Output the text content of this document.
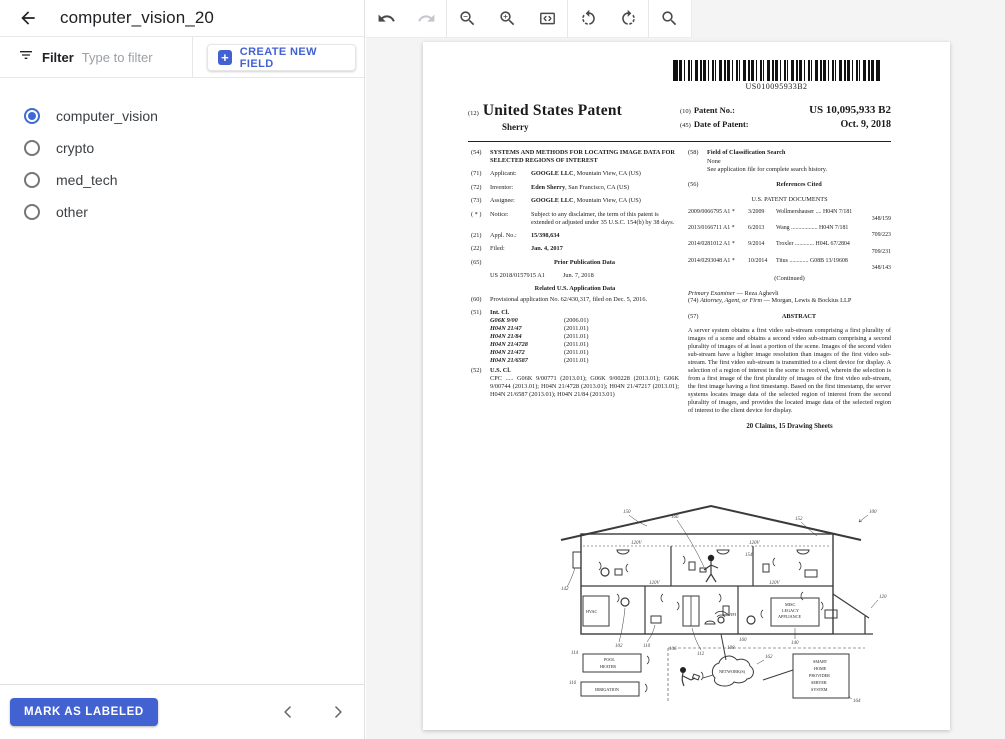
computer_vision_20
Filter
Type to filter	+ CREATE NEW FIELD
computer_vision
crypto
med_tech
other
MARK AS LABELED
US010095933B2
(12) United States Patent
Sherry
(10) Patent No.:	US 10,095,933 B2
(45) Date of Patent:	Oct. 9, 2018
(54)	SYSTEMS AND METHODS FOR LOCATING IMAGE DATA FOR SELECTED REGIONS OF INTEREST
(71)	Applicant:	GOOGLE LLC, Mountain View, CA (US)
(72)	Inventor:	Eden Sherry, San Francisco, CA (US)
(73)	Assignee:	GOOGLE LLC, Mountain View, CA (US)
( * )	Notice:	Subject to any disclaimer, the term of this patent is extended or adjusted under 35 U.S.C. 154(b) by 38 days.
(21)	Appl. No.:	15/398,634
(22)	Filed:	Jan. 4, 2017
(65)	Prior Publication Data
US 2018/0157915 A1	Jun. 7, 2018
Related U.S. Application Data
(60)	Provisional application No. 62/430,317, filed on Dec. 5, 2016.
(51)	Int. Cl.
G06K 9/00	(2006.01)
H04N 21/47	(2011.01)
H04N 21/84	(2011.01)
H04N 21/4728	(2011.01)
H04N 21/472	(2011.01)
H04N 21/6587	(2011.01)
(52)	U.S. Cl.
CPC ..... G06K 9/00771 (2013.01); G06K 9/00228 (2013.01); G06K 9/00744 (2013.01); H04N 21/4728 (2013.01); H04N 21/47217 (2013.01); H04N 21/6587 (2013.01); H04N 21/84 (2013.01)
(58)	Field of Classification Search
None
See application file for complete search history.
(56)	References Cited
U.S. PATENT DOCUMENTS
2009/0066795 A1 *	3/2009	Wollmershauser .... H04N 7/181
348/159
2013/0166711 A1 *	6/2013	Wang .................. H04N 7/181
709/223
2014/0281012 A1 *	9/2014	Troxler ............. H04L 67/2804
709/231
2014/0293048 A1 *	10/2014	Titus ............. G08B 13/19608
348/143
(Continued)
Primary Examiner — Reza Aghevli
(74) Attorney, Agent, or Firm — Morgan, Lewis & Bockius LLP
(57)	ABSTRACT
A server system obtains a first video sub-stream comprising a first plurality of images of a scene and obtains a second video sub-stream comprising a second plurality of images of at least a portion of the scene. Images of the second video sub-stream have a higher image resolution than images of the first video sub-stream. The first video sub-stream is transmitted to a client device for display. A selection of a region of interest in the scene is received, wherein the selection is from a first image of the first plurality of images of the first video sub-stream, the first image having a first timestamp. Based on the first timestamp, the server systems locates image data of the selected region of interest from the second plurality of images, and provides the located image data of the selected region of interest to the client device for display.
20 Claims, 15 Drawing Sheets
HVAC
MISC.
LEGACY
APPLIANCE
WIFI
120V	120V
120V	120V
150
166	152
100
154
142
102	110
106
112
108
160
140
120
POOL
HEATER
114
IRRIGATION
116
NETWORK(S)
162
SMART
HOME
PROVIDER
SERVER
SYSTEM
164
